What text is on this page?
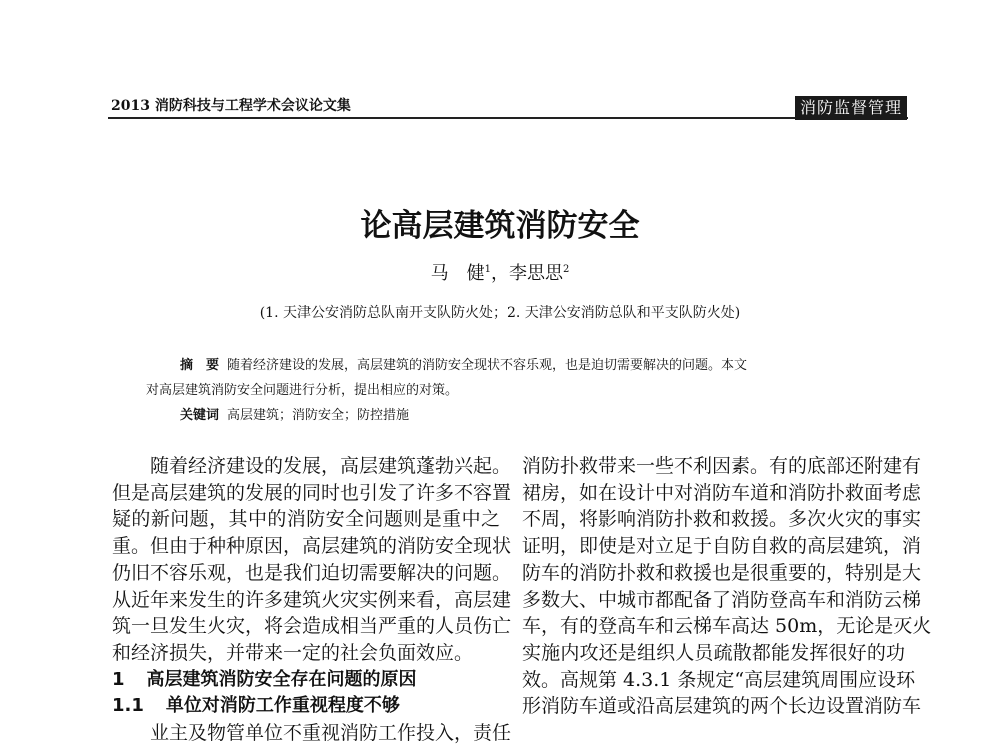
2013 消防科技与工程学术会议论文集	消防监督管理
论高层建筑消防安全
马　健$^1$，李思思$^2$
(1. 天津公安消防总队南开支队防火处；2. 天津公安消防总队和平支队防火处)
摘　要 随着经济建设的发展，高层建筑的消防安全现状不容乐观，也是迫切需要解决的问题。本文
对高层建筑消防安全问题进行分析，提出相应的对策。
关键词 高层建筑；消防安全；防控措施
随着经济建设的发展，高层建筑蓬勃兴起。
但是高层建筑的发展的同时也引发了许多不容置
疑的新问题，其中的消防安全问题则是重中之
重。但由于种种原因，高层建筑的消防安全现状
仍旧不容乐观，也是我们迫切需要解决的问题。
从近年来发生的许多建筑火灾实例来看，高层建
筑一旦发生火灾，将会造成相当严重的人员伤亡
和经济损失，并带来一定的社会负面效应。
1 高层建筑消防安全存在问题的原因
1.1 单位对消防工作重视程度不够
业主及物管单位不重视消防工作投入，责任
消防扑救带来一些不利因素。有的底部还附建有
裙房，如在设计中对消防车道和消防扑救面考虑
不周，将影响消防扑救和救援。多次火灾的事实
证明，即使是对立足于自防自救的高层建筑，消
防车的消防扑救和救援也是很重要的，特别是大
多数大、中城市都配备了消防登高车和消防云梯
车，有的登高车和云梯车高达 50m，无论是灭火
实施内攻还是组织人员疏散都能发挥很好的功
效。高规第 4.3.1 条规定“高层建筑周围应设环
形消防车道或沿高层建筑的两个长边设置消防车
